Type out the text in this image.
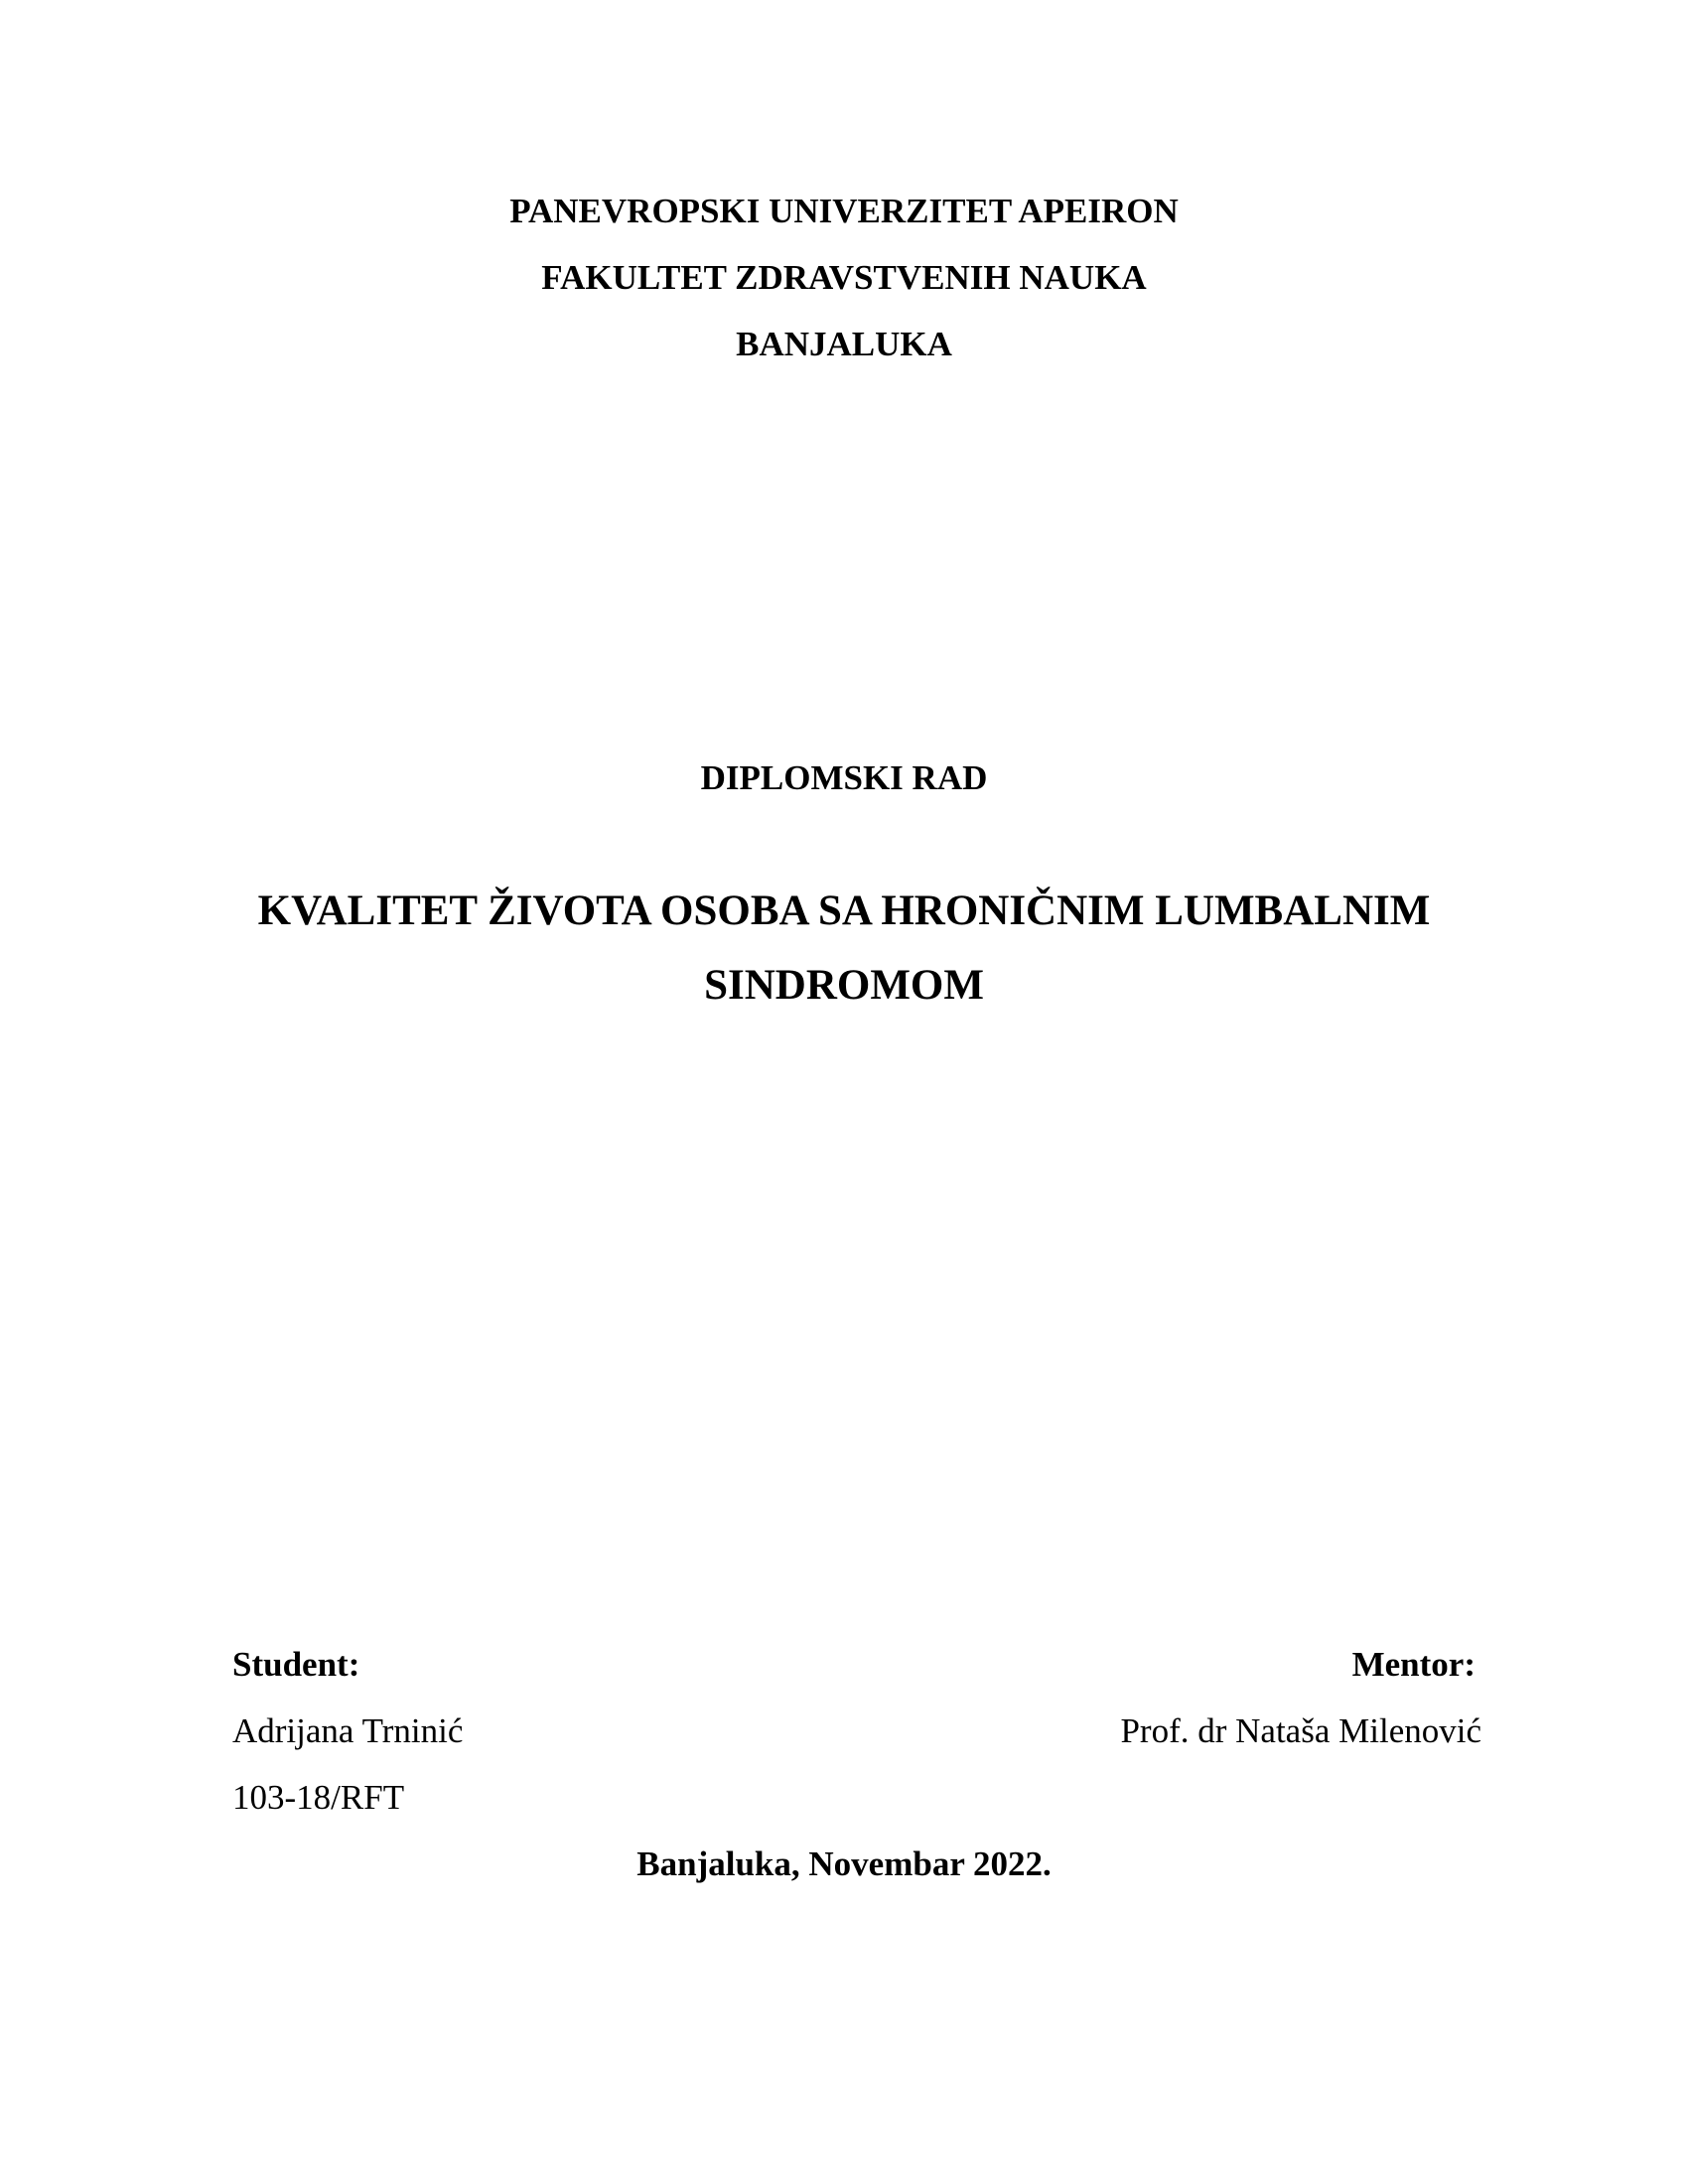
PANEVROPSKI UNIVERZITET APEIRON
FAKULTET ZDRAVSTVENIH NAUKA
BANJALUKA
DIPLOMSKI RAD
KVALITET ŽIVOTA OSOBA SA HRONIČNIM LUMBALNIM
SINDROMOM
Student:
Adrijana Trninić
103-18/RFT
Mentor:
Prof. dr Nataša Milenović
Banjaluka, Novembar 2022.
